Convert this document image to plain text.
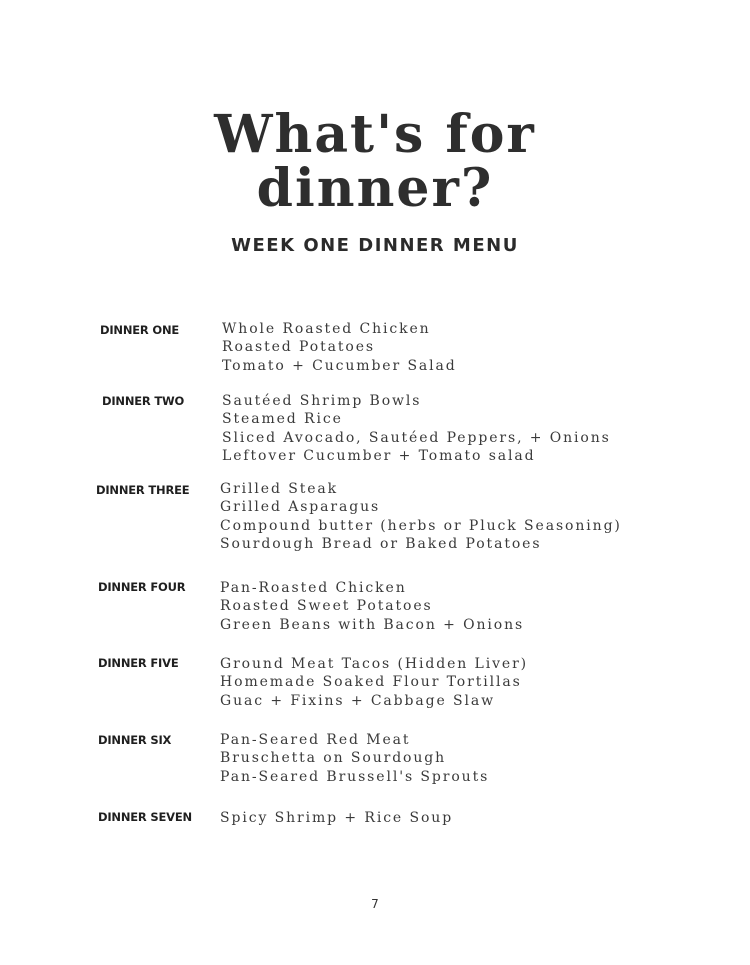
What's for
dinner?
WEEK ONE DINNER MENU
DINNER ONE	Whole Roasted Chicken
Roasted Potatoes
Tomato + Cucumber Salad
DINNER TWO	Sautéed Shrimp Bowls
Steamed Rice
Sliced Avocado, Sautéed Peppers, + Onions
Leftover Cucumber + Tomato salad
DINNER THREE Grilled Steak
Grilled Asparagus
Compound butter (herbs or Pluck Seasoning)
Sourdough Bread or Baked Potatoes
DINNER FOUR Pan-Roasted Chicken
Roasted Sweet Potatoes
Green Beans with Bacon + Onions
DINNER FIVE	Ground Meat Tacos (Hidden Liver)
Homemade Soaked Flour Tortillas
Guac + Fixins + Cabbage Slaw
DINNER SIX	Pan-Seared Red Meat
Bruschetta on Sourdough
Pan-Seared Brussell's Sprouts
DINNER SEVEN Spicy Shrimp + Rice Soup
7
